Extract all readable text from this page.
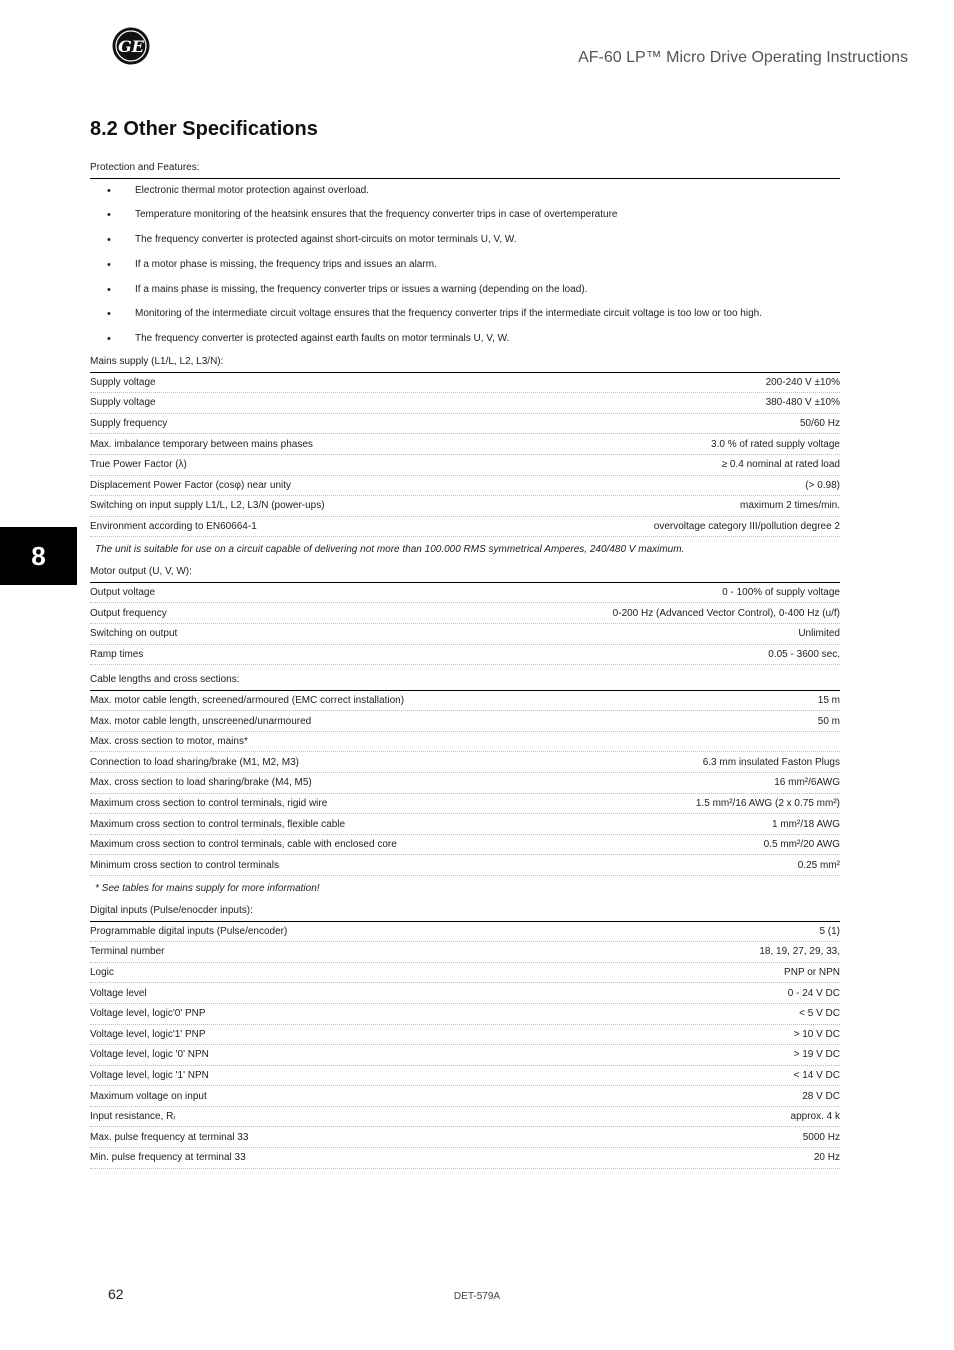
GE
AF-60 LP™ Micro Drive Operating Instructions
8.2 Other Specifications
8
Protection and Features:
• Electronic thermal motor protection against overload.
• Temperature monitoring of the heatsink ensures that the frequency converter trips in case of overtemperature
• The frequency converter is protected against short-circuits on motor terminals U, V, W.
• If a motor phase is missing, the frequency trips and issues an alarm.
• If a mains phase is missing, the frequency converter trips or issues a warning (depending on the load).
• Monitoring of the intermediate circuit voltage ensures that the frequency converter trips if the intermediate circuit voltage is too low or too high.
• The frequency converter is protected against earth faults on motor terminals U, V, W.
Mains supply (L1/L, L2, L3/N):
Supply voltage	200-240 V ±10%
Supply voltage	380-480 V ±10%
Supply frequency	50/60 Hz
Max. imbalance temporary between mains phases	3.0 % of rated supply voltage
True Power Factor (λ)	≥ 0.4 nominal at rated load
Displacement Power Factor (cosφ) near unity	(> 0.98)
Switching on input supply L1/L, L2, L3/N (power-ups)	maximum 2 times/min.
Environment according to EN60664-1	overvoltage category III/pollution degree 2
The unit is suitable for use on a circuit capable of delivering not more than 100.000 RMS symmetrical Amperes, 240/480 V maximum.
Motor output (U, V, W):
Output voltage	0 - 100% of supply voltage
Output frequency	0-200 Hz (Advanced Vector Control), 0-400 Hz (u/f)
Switching on output	Unlimited
Ramp times	0.05 - 3600 sec.
Cable lengths and cross sections:
Max. motor cable length, screened/armoured (EMC correct installation)	15 m
Max. motor cable length, unscreened/unarmoured	50 m
Max. cross section to motor, mains*
Connection to load sharing/brake (M1, M2, M3)	6.3 mm insulated Faston Plugs
Max. cross section to load sharing/brake (M4, M5)	16 mm²/6AWG
Maximum cross section to control terminals, rigid wire	1.5 mm²/16 AWG (2 x 0.75 mm²)
Maximum cross section to control terminals, flexible cable	1 mm²/18 AWG
Maximum cross section to control terminals, cable with enclosed core	0.5 mm²/20 AWG
Minimum cross section to control terminals	0.25 mm²
* See tables for mains supply for more information!
Digital inputs (Pulse/enocder inputs):
Programmable digital inputs (Pulse/encoder)	5 (1)
Terminal number	18, 19, 27, 29, 33,
Logic	PNP or NPN
Voltage level	0 - 24 V DC
Voltage level, logic'0' PNP	< 5 V DC
Voltage level, logic'1' PNP	> 10 V DC
Voltage level, logic '0' NPN	> 19 V DC
Voltage level, logic '1' NPN	< 14 V DC
Maximum voltage on input	28 V DC
Input resistance, Rᵢ	approx. 4 k
Max. pulse frequency at terminal 33	5000 Hz
Min. pulse frequency at terminal 33	20 Hz
62	DET-579A
